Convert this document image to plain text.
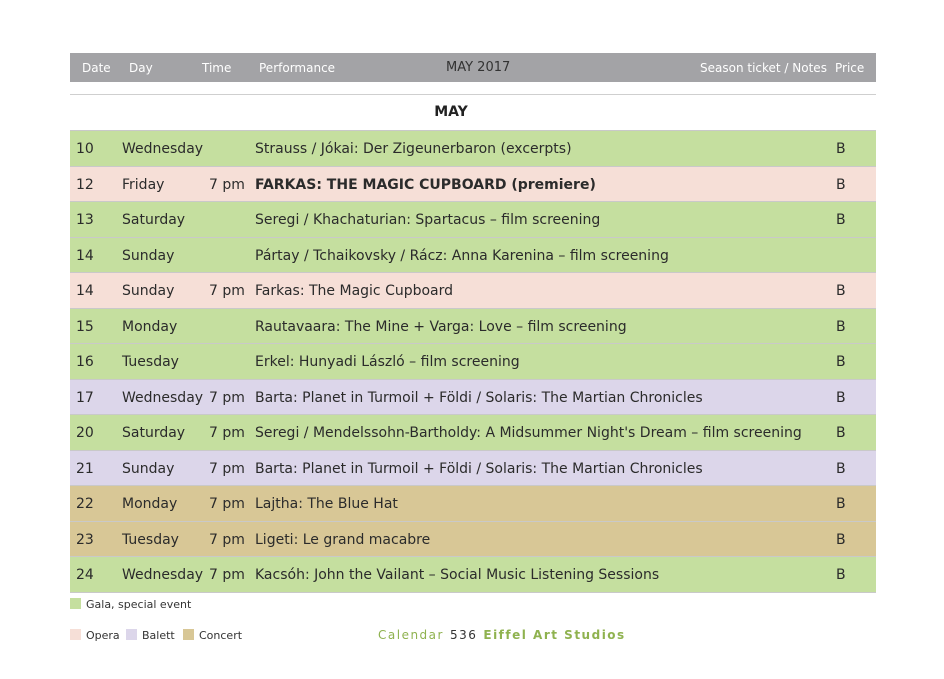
Date Day	Time Performance	MAY 2017	Season ticket / Notes Price
MAY
10 Wednesday	Strauss / Jókai: Der Zigeunerbaron (excerpts)	B
12 Friday	7 pm FARKAS: THE MAGIC CUPBOARD (premiere)	B
13 Saturday	Seregi / Khachaturian: Spartacus – film screening	B
14 Sunday	Pártay / Tchaikovsky / Rácz: Anna Karenina – film screening
14 Sunday 7 pm Farkas: The Magic Cupboard	B
15 Monday	Rautavaara: The Mine + Varga: Love – film screening	B
16 Tuesday	Erkel: Hunyadi László – film screening	B
17 Wednesday 7 pm Barta: Planet in Turmoil + Földi / Solaris: The Martian Chronicles	B
20 Saturday 7 pm Seregi / Mendelssohn-Bartholdy: A Midsummer Night's Dream – film screening B
21 Sunday 7 pm Barta: Planet in Turmoil + Földi / Solaris: The Martian Chronicles	B
22 Monday 7 pm Lajtha: The Blue Hat	B
23 Tuesday 7 pm Ligeti: Le grand macabre	B
24 Wednesday 7 pm Kacsóh: John the Vailant – Social Music Listening Sessions	B
Gala, special event
Opera	Balett	Concert	Calendar 536 Eiffel Art Studios
